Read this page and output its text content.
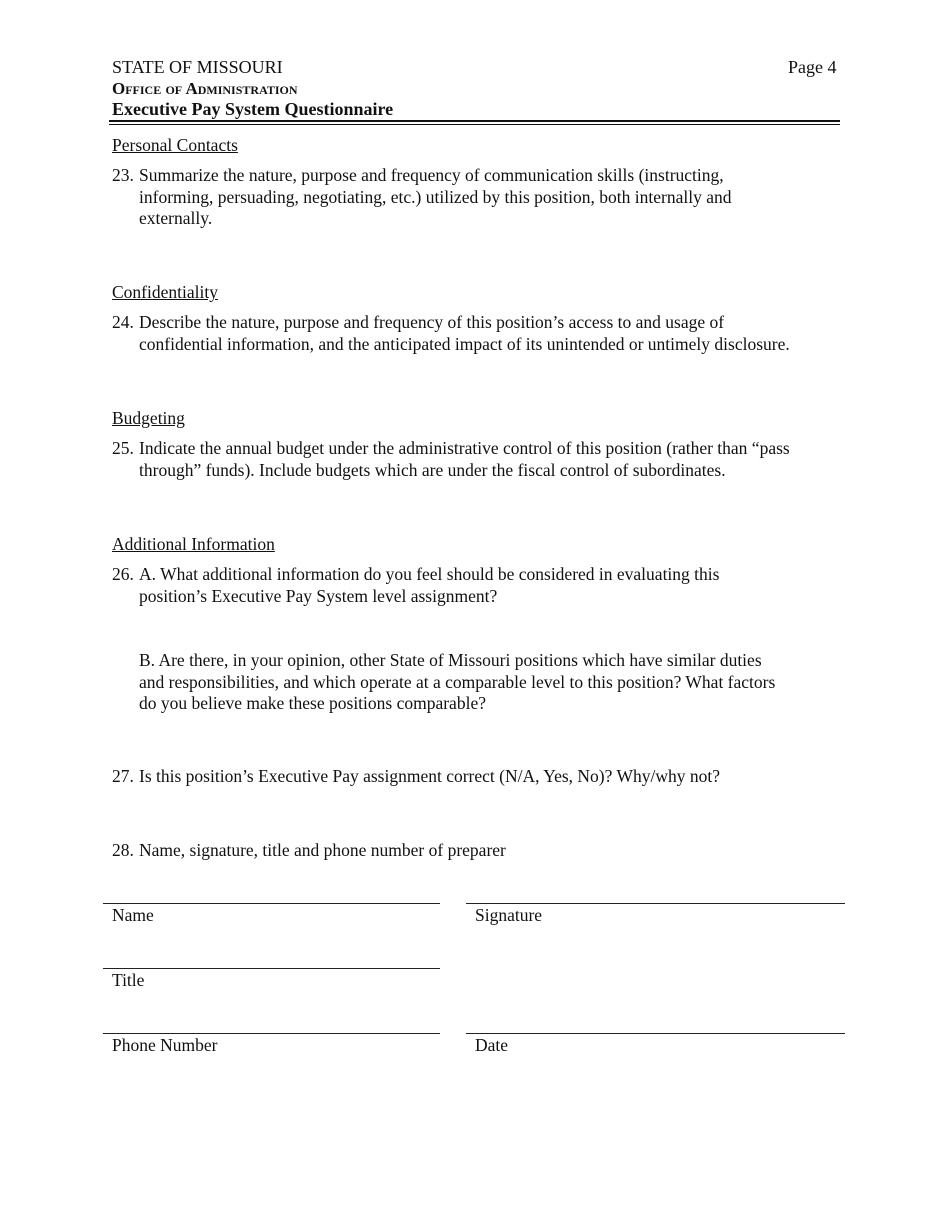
STATE OF MISSOURI
Office of Administration
Executive Pay System Questionnaire
Page 4
Personal Contacts
23. Summarize the nature, purpose and frequency of communication skills (instructing,
informing, persuading, negotiating, etc.) utilized by this position, both internally and
externally.
Confidentiality
24. Describe the nature, purpose and frequency of this position’s access to and usage of
confidential information, and the anticipated impact of its unintended or untimely disclosure.
Budgeting
25. Indicate the annual budget under the administrative control of this position (rather than “pass
through” funds). Include budgets which are under the fiscal control of subordinates.
Additional Information
26. A. What additional information do you feel should be considered in evaluating this
position’s Executive Pay System level assignment?
B. Are there, in your opinion, other State of Missouri positions which have similar duties
and responsibilities, and which operate at a comparable level to this position? What factors
do you believe make these positions comparable?
27. Is this position’s Executive Pay assignment correct (N/A, Yes, No)? Why/why not?
28. Name, signature, title and phone number of preparer
Name	Signature
Title
Phone Number	Date
